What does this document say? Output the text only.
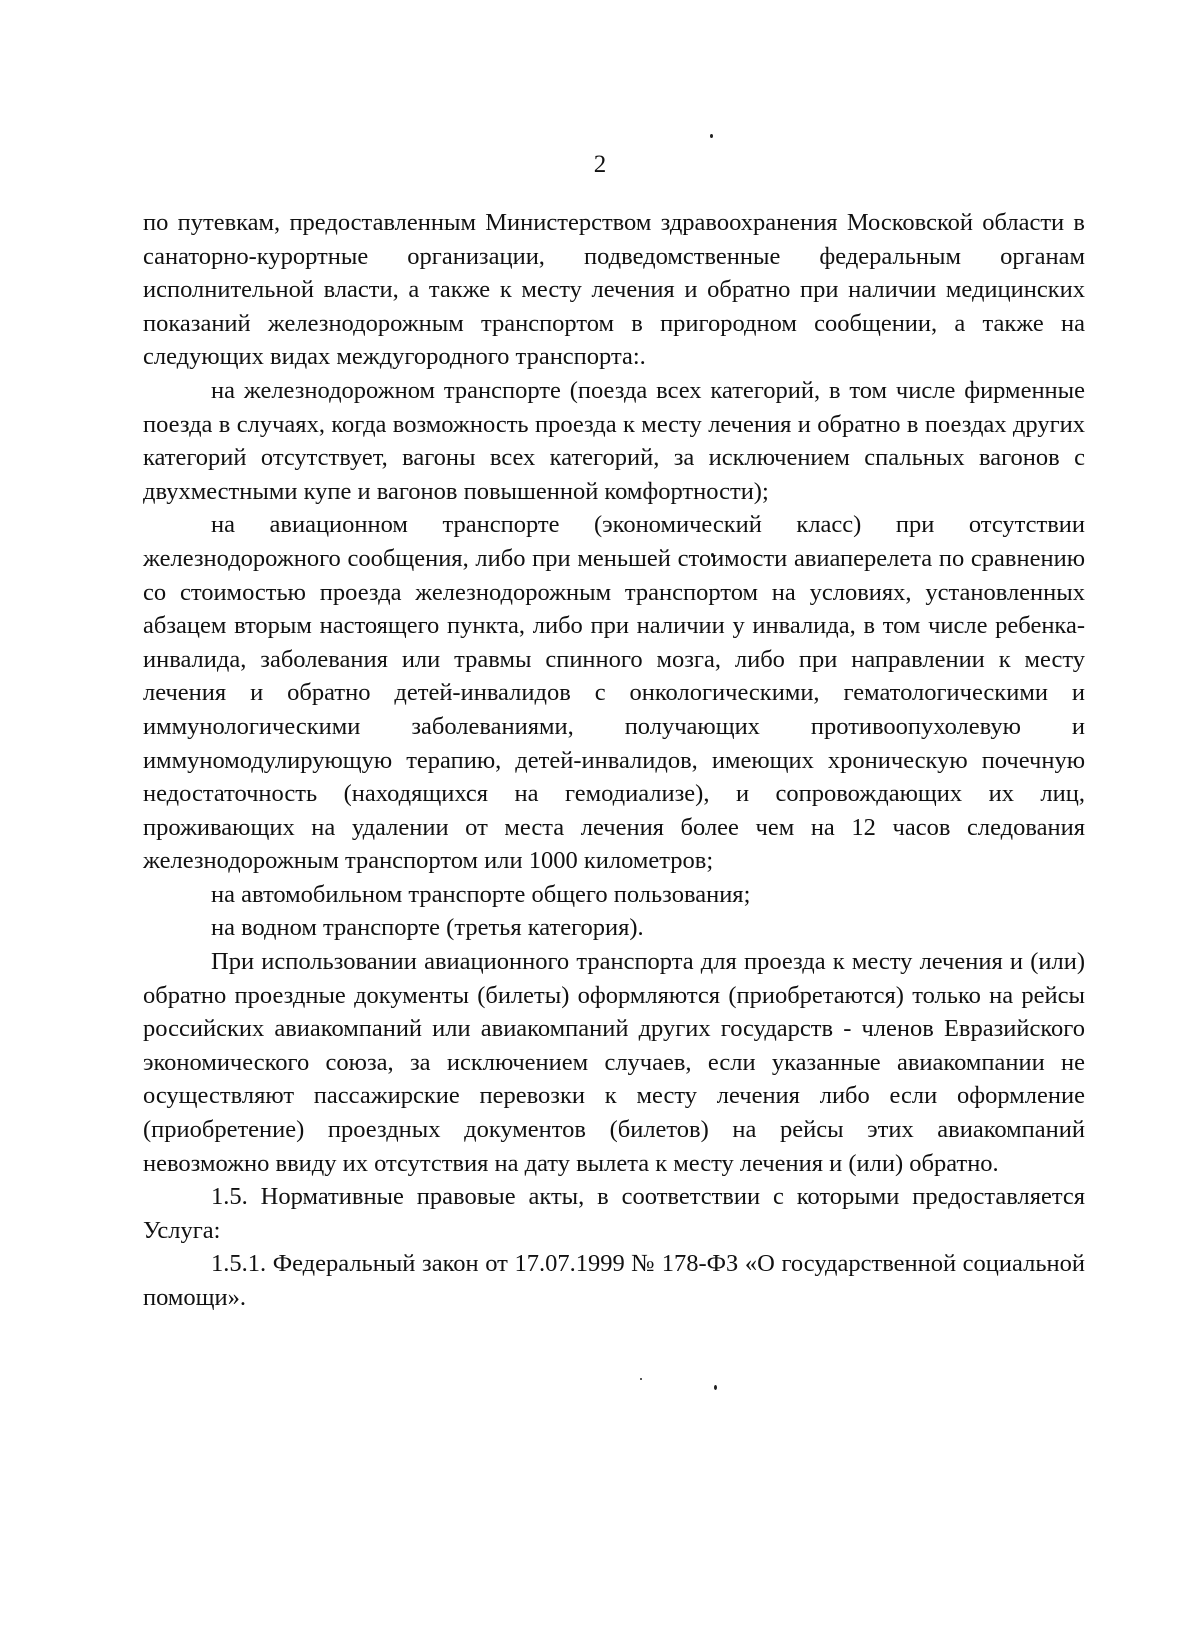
2

по путевкам, предоставленным Министерством здравоохранения Московской области в санаторно-курортные организации, подведомственные федеральным органам исполнительной власти, а также к месту лечения и обратно при наличии медицинских показаний железнодорожным транспортом в пригородном сообщении, а также на следующих видах междугородного транспорта:.

на железнодорожном транспорте (поезда всех категорий, в том числе фирменные поезда в случаях, когда возможность проезда к месту лечения и обратно в поездах других категорий отсутствует, вагоны всех категорий, за исключением спальных вагонов с двухместными купе и вагонов повышенной комфортности);

на авиационном транспорте (экономический класс) при отсутствии железнодорожного сообщения, либо при меньшей стоимости авиаперелета по сравнению со стоимостью проезда железнодорожным транспортом на условиях, установленных абзацем вторым настоящего пункта, либо при наличии у инвалида, в том числе ребенка-инвалида, заболевания или травмы спинного мозга, либо при направлении к месту лечения и обратно детей-инвалидов с онкологическими, гематологическими и иммунологическими заболеваниями, получающих противоопухолевую и иммуномодулирующую терапию, детей-инвалидов, имеющих хроническую почечную недостаточность (находящихся на гемодиализе), и сопровождающих их лиц, проживающих на удалении от места лечения более чем на 12 часов следования железнодорожным транспортом или 1000 километров;

на автомобильном транспорте общего пользования;

на водном транспорте (третья категория).

При использовании авиационного транспорта для проезда к месту лечения и (или) обратно проездные документы (билеты) оформляются (приобретаются) только на рейсы российских авиакомпаний или авиакомпаний других государств - членов Евразийского экономического союза, за исключением случаев, если указанные авиакомпании не осуществляют пассажирские перевозки к месту лечения либо если оформление (приобретение) проездных документов (билетов) на рейсы этих авиакомпаний невозможно ввиду их отсутствия на дату вылета к месту лечения и (или) обратно.

1.5. Нормативные правовые акты, в соответствии с которыми предоставляется Услуга:

1.5.1. Федеральный закон от 17.07.1999 № 178-ФЗ «О государственной социальной помощи».
